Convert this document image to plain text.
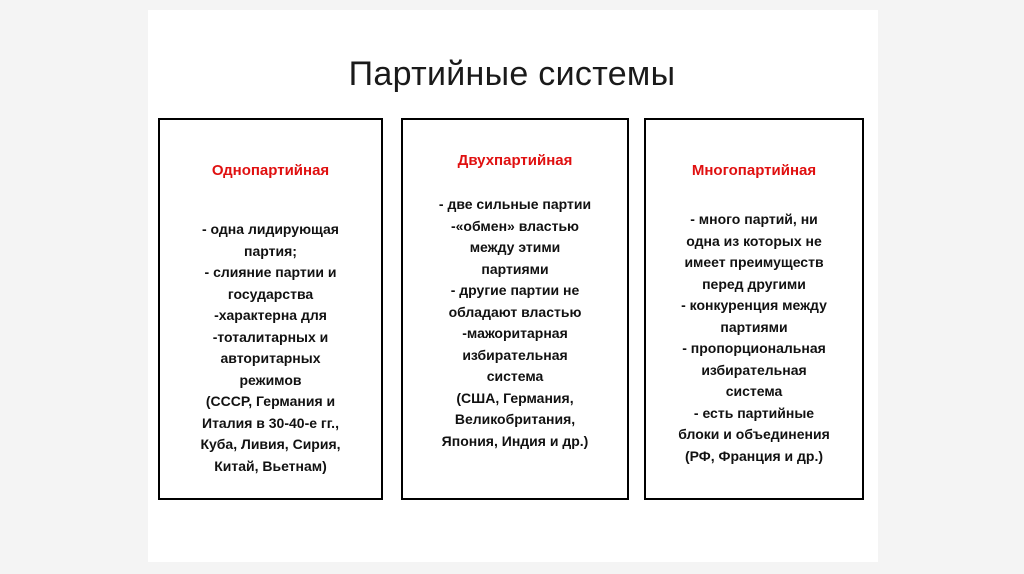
Партийные системы
Однопартийная
- одна лидирующая
партия;
- слияние партии и
государства
-характерна для
-тоталитарных и
авторитарных
режимов
(СССР, Германия и
Италия в 30-40-е гг.,
Куба, Ливия, Сирия,
Китай, Вьетнам)
Двухпартийная
- две сильные партии
-«обмен» властью
между этими
партиями
- другие партии не
обладают властью
-мажоритарная
избирательная
система
(США, Германия,
Великобритания,
Япония, Индия и др.)
Многопартийная
- много партий, ни
одна из которых не
имеет преимуществ
перед другими
- конкуренция между
партиями
- пропорциональная
избирательная
система
- есть партийные
блоки и объединения
(РФ, Франция и др.)
